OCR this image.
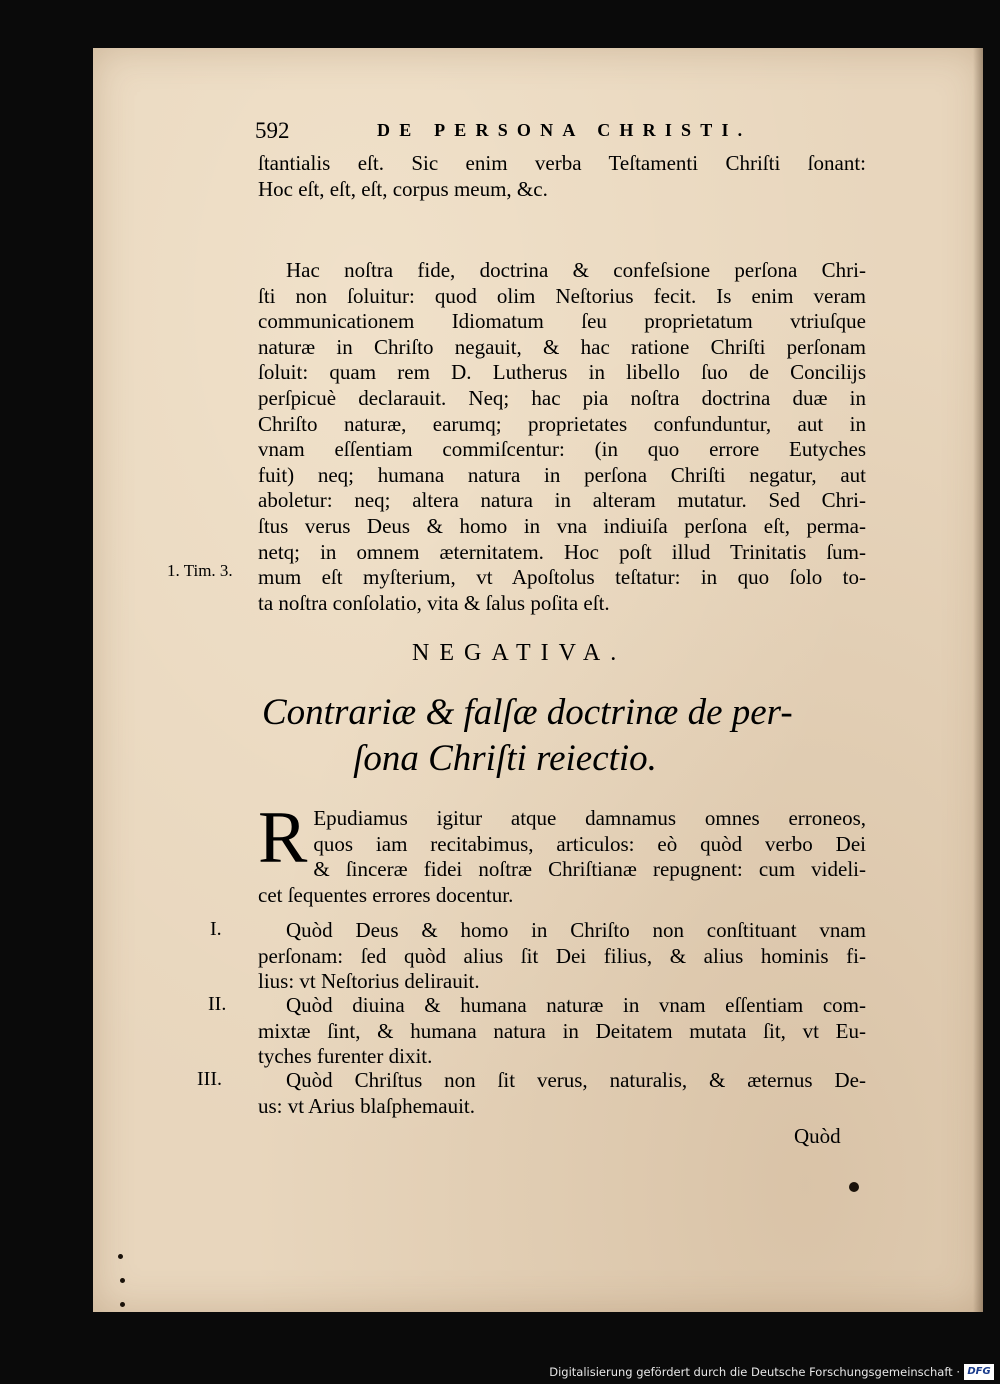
592	DE PERSONA CHRISTI.
ſtantialis eſt. Sic enim verba Teſtamenti Chriſti ſonant:
Hoc eſt, eſt, eſt, corpus meum, &c.
Hac noſtra fide, doctrina & confeſsione perſona Chri-
ſti non ſoluitur: quod olim Neſtorius fecit. Is enim veram
communicationem Idiomatum ſeu proprietatum vtriuſque
naturæ in Chriſto negauit, & hac ratione Chriſti perſonam
ſoluit: quam rem D. Lutherus in libello ſuo de Concilijs
perſpicuè declarauit. Neq; hac pia noſtra doctrina duæ in
Chriſto naturæ, earumq; proprietates confunduntur, aut in
vnam eſſentiam commiſcentur: (in quo errore Eutyches
fuit) neq; humana natura in perſona Chriſti negatur, aut
aboletur: neq; altera natura in alteram mutatur. Sed Chri-
ſtus verus Deus & homo in vna indiuiſa perſona eſt, perma-
netq; in omnem æternitatem. Hoc poſt illud Trinitatis ſum-
mum eſt myſterium, vt Apoſtolus teſtatur: in quo ſolo to-
ta noſtra conſolatio, vita & ſalus poſita eſt.
1. Tim. 3.
NEGATIVA.
Contrariæ & falſæ doctrinæ de per-
ſona Chriſti reiectio.
R Epudiamus igitur atque damnamus omnes erroneos,
quos iam recitabimus, articulos: eò quòd verbo Dei
& ſinceræ fidei noſtræ Chriſtianæ repugnent: cum videli-
cet ſequentes errores docentur.
I.	Quòd Deus & homo in Chriſto non conſtituant vnam
perſonam: ſed quòd alius ſit Dei filius, & alius hominis fi-
lius: vt Neſtorius delirauit.
II.	Quòd diuina & humana naturæ in vnam eſſentiam com-
mixtæ ſint, & humana natura in Deitatem mutata ſit, vt Eu-
tyches furenter dixit.
III.	Quòd Chriſtus non ſit verus, naturalis, & æternus De-
us: vt Arius blaſphemauit.
Quòd
Digitalisierung gefördert durch die Deutsche Forschungsgemeinschaft · DFG
